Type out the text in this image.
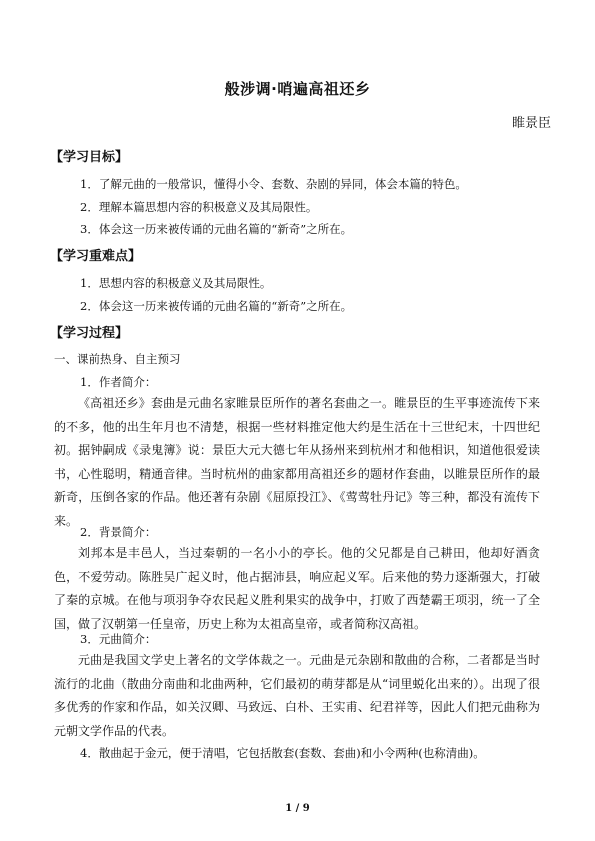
般涉调·哨遍高祖还乡
睢景臣
【学习目标】
1．了解元曲的一般常识，懂得小令、套数、杂剧的异同，体会本篇的特色。
2．理解本篇思想内容的积极意义及其局限性。
3．体会这一历来被传诵的元曲名篇的“新奇”之所在。
【学习重难点】
1．思想内容的积极意义及其局限性。
2．体会这一历来被传诵的元曲名篇的“新奇”之所在。
【学习过程】
一、课前热身、自主预习
1．作者简介：
《高祖还乡》套曲是元曲名家睢景臣所作的著名套曲之一。睢景臣的生平事迹流传下来的不多，他的出生年月也不清楚，根据一些材料推定他大约是生活在十三世纪末，十四世纪初。据钟嗣成《录鬼簿》说：景臣大元大德七年从扬州来到杭州才和他相识，知道他很爱读书，心性聪明，精通音律。当时杭州的曲家都用高祖还乡的题材作套曲，以睢景臣所作的最新奇，压倒各家的作品。他还著有杂剧《屈原投江》、《莺莺牡丹记》等三种，都没有流传下来。
2．背景简介：
刘邦本是丰邑人，当过秦朝的一名小小的亭长。他的父兄都是自己耕田，他却好酒贪色，不爱劳动。陈胜吴广起义时，他占据沛县，响应起义军。后来他的势力逐渐强大，打破了秦的京城。在他与项羽争夺农民起义胜利果实的战争中，打败了西楚霸王项羽，统一了全国，做了汉朝第一任皇帝，历史上称为太祖高皇帝，或者简称汉高祖。
3．元曲简介：
元曲是我国文学史上著名的文学体裁之一。元曲是元杂剧和散曲的合称，二者都是当时流行的北曲（散曲分南曲和北曲两种，它们最初的萌芽都是从“词里蜕化出来的）。出现了很多优秀的作家和作品，如关汉卿、马致远、白朴、王实甫、纪君祥等，因此人们把元曲称为元朝文学作品的代表。
4．散曲起于金元，便于清唱，它包括散套(套数、套曲)和小令两种(也称清曲)。
1 / 9
